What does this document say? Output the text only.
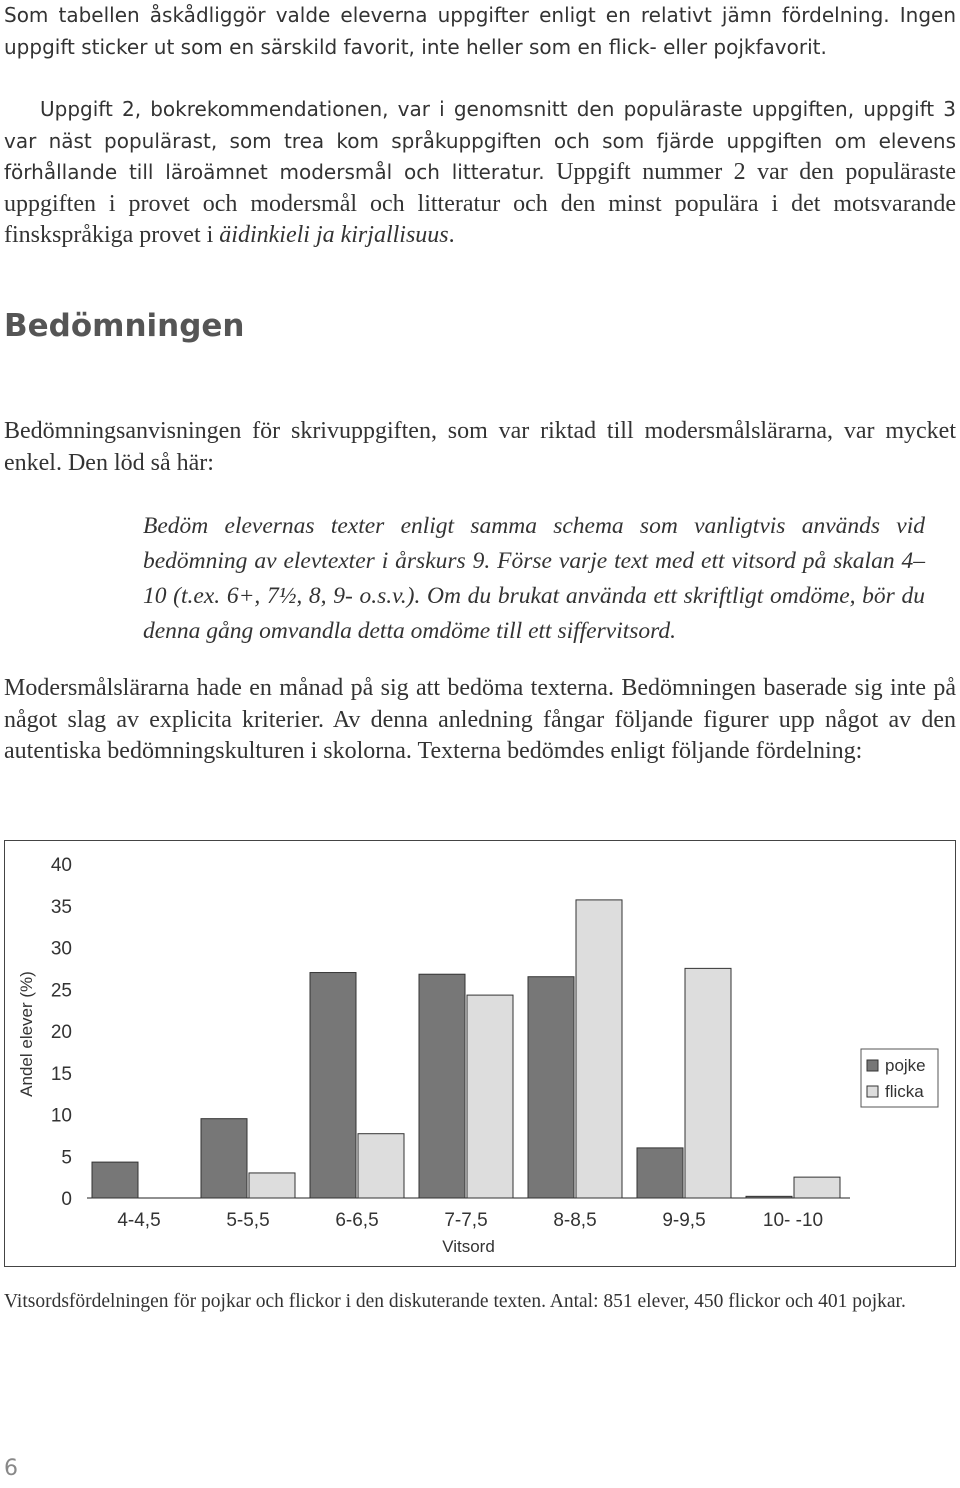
Som tabellen åskådliggör valde eleverna uppgifter enligt en relativt jämn fördelning. Ingen uppgift sticker ut som en särskild favorit, inte heller som en flick- eller pojkfavorit.
Uppgift 2, bokrekommendationen, var i genomsnitt den populäraste uppgiften, uppgift 3 var näst populärast, som trea kom språkuppgiften och som fjärde uppgiften om elevens förhållande till läroämnet modersmål och litteratur. Uppgift nummer 2 var den populäraste uppgiften i provet och modersmål och litteratur och den minst populära i det motsvarande finskspråkiga provet i äidinkieli ja kirjallisuus.
Bedömningen
Bedömningsanvisningen för skrivuppgiften, som var riktad till modersmålslärarna, var mycket enkel. Den löd så här:
Bedöm elevernas texter enligt samma schema som vanligtvis används vid bedömning av elevtexter i årskurs 9. Förse varje text med ett vitsord på skalan 4–10 (t.ex. 6+, 7½, 8, 9- o.s.v.). Om du brukat använda ett skriftligt omdöme, bör du denna gång omvandla detta omdöme till ett siffervitsord.
Modersmålslärarna hade en månad på sig att bedöma texterna. Bedömningen baserade sig inte på något slag av explicita kriterier. Av denna anledning fångar följande figurer upp något av den autentiska bedömningskulturen i skolorna. Texterna bedömdes enligt följande fördelning:
0
5
10
15
20
25
30
35
40
Andel elever (%)
4-4,5	5-5,5	6-6,5	7-7,5	8-8,5	9-9,5	10- -10
Vitsord
pojke
flicka
Vitsordsfördelningen för pojkar och flickor i den diskuterande texten. Antal: 851 elever, 450 flickor och 401 pojkar.
6
